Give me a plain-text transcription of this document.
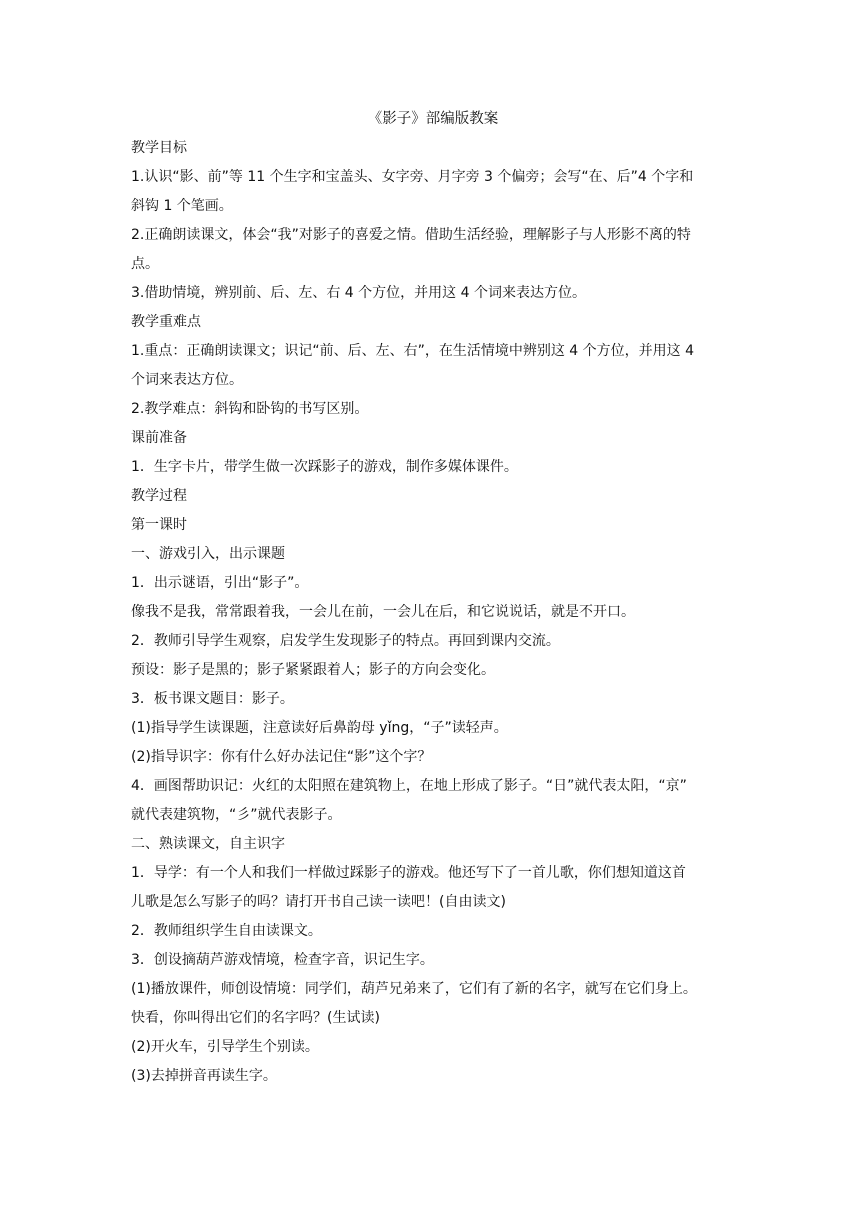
《影子》部编版教案
教学目标
1.认识“影、前”等 11 个生字和宝盖头、女字旁、月字旁 3 个偏旁；会写“在、后”4 个字和
斜钩 1 个笔画。
2.正确朗读课文，体会“我”对影子的喜爱之情。借助生活经验，理解影子与人形影不离的特
点。
3.借助情境，辨别前、后、左、右 4 个方位，并用这 4 个词来表达方位。
教学重难点
1.重点：正确朗读课文；识记“前、后、左、右”，在生活情境中辨别这 4 个方位，并用这 4
个词来表达方位。
2.教学难点：斜钩和卧钩的书写区别。
课前准备
1．生字卡片，带学生做一次踩影子的游戏，制作多媒体课件。
教学过程
第一课时
一、游戏引入，出示课题
1．出示谜语，引出“影子”。
像我不是我，常常跟着我，一会儿在前，一会儿在后，和它说说话，就是不开口。
2．教师引导学生观察，启发学生发现影子的特点。再回到课内交流。
预设：影子是黑的；影子紧紧跟着人；影子的方向会变化。
3．板书课文题目：影子。
(1)指导学生读课题，注意读好后鼻韵母 yǐng，“子”读轻声。
(2)指导识字：你有什么好办法记住“影”这个字？
4．画图帮助识记：火红的太阳照在建筑物上，在地上形成了影子。“日”就代表太阳，“京”
就代表建筑物，“彡”就代表影子。
二、熟读课文，自主识字
1．导学：有一个人和我们一样做过踩影子的游戏。他还写下了一首儿歌，你们想知道这首
儿歌是怎么写影子的吗？请打开书自己读一读吧！(自由读文)
2．教师组织学生自由读课文。
3．创设摘葫芦游戏情境，检查字音，识记生字。
(1)播放课件，师创设情境：同学们，葫芦兄弟来了，它们有了新的名字，就写在它们身上。
快看，你叫得出它们的名字吗？(生试读)
(2)开火车，引导学生个别读。
(3)去掉拼音再读生字。
